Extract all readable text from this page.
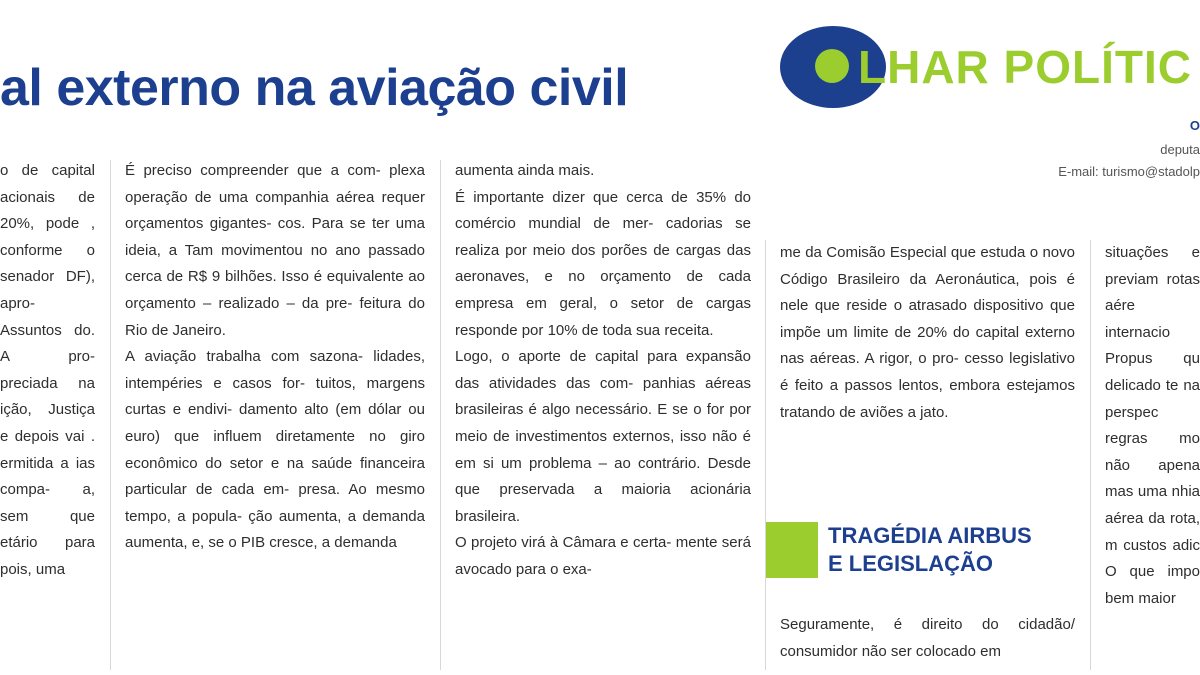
al externo na aviação civil	LHAR POLÍTIC
O
deputa
E-mail: turismo@stadolp

o de capital acionais de 20%, pode , conforme o senador DF), apro- Assuntos do. A pro- preciada na ição, Justiça e depois vai . ermitida a ias compa- a, sem que etário para pois, uma

É preciso compreender que a com- plexa operação de uma companhia aérea requer orçamentos gigantes- cos. Para se ter uma ideia, a Tam movimentou no ano passado cerca de R$ 9 bilhões. Isso é equivalente ao orçamento – realizado – da pre- feitura do Rio de Janeiro.

A aviação trabalha com sazona- lidades, intempéries e casos for- tuitos, margens curtas e endivi- damento alto (em dólar ou euro) que influem diretamente no giro econômico do setor e na saúde financeira particular de cada em- presa. Ao mesmo tempo, a popula- ção aumenta, a demanda aumenta, e, se o PIB cresce, a demanda

aumenta ainda mais.

É importante dizer que cerca de 35% do comércio mundial de mer- cadorias se realiza por meio dos porões de cargas das aeronaves, e no orçamento de cada empresa em geral, o setor de cargas responde por 10% de toda sua receita.

Logo, o aporte de capital para expansão das atividades das com- panhias aéreas brasileiras é algo necessário. E se o for por meio de investimentos externos, isso não é em si um problema – ao contrário. Desde que preservada a maioria acionária brasileira.

O projeto virá à Câmara e certa- mente será avocado para o exa-

me da Comisão Especial que estuda o novo Código Brasileiro da Aeronáutica, pois é nele que reside o atrasado dispositivo que impõe um limite de 20% do capital externo nas aéreas. A rigor, o pro- cesso legislativo é feito a passos lentos, embora estejamos tratando de aviões a jato.

TRAGÉDIA AIRBUS
E LEGISLAÇÃO

Seguramente, é direito do cidadão/ consumidor não ser colocado em

situações e previam rotas aére internacio Propus qu delicado te na perspec regras mo não apena mas uma nhia aérea da rota, m custos adic O que impo bem maior
